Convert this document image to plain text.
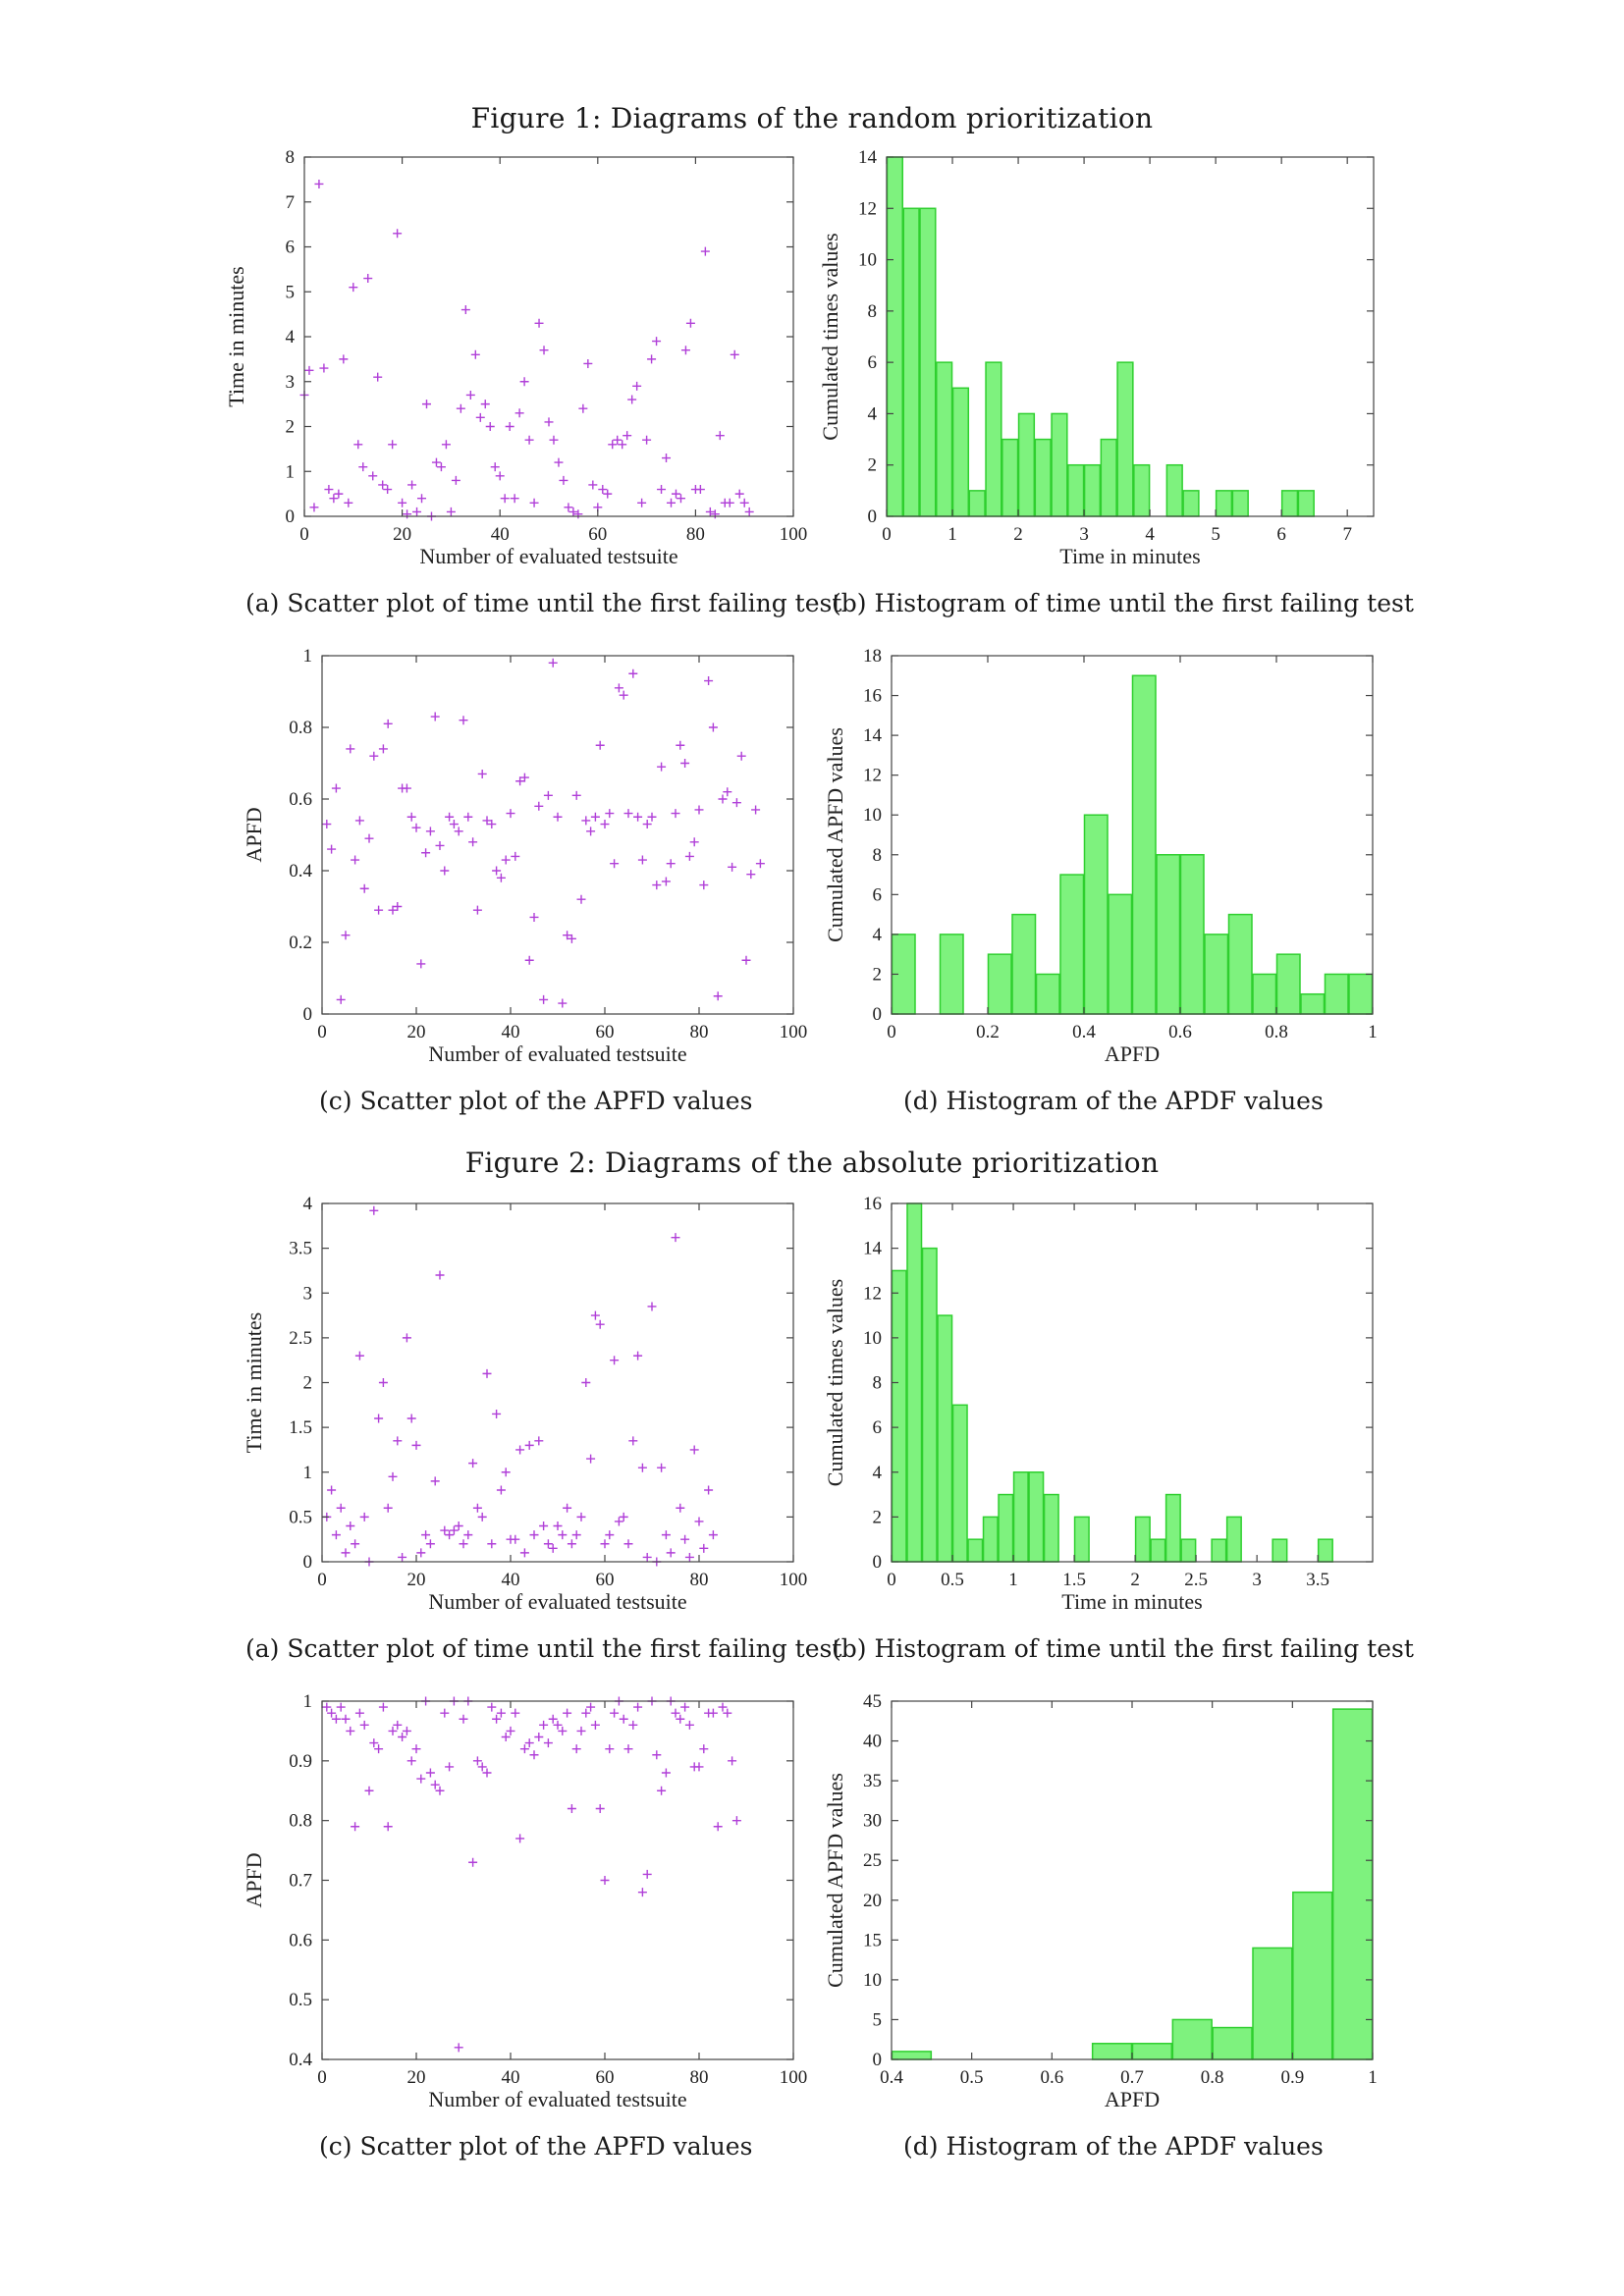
Figure 1: Diagrams of the random prioritization
0	20	40	60	80	100
0
1
2
3
4
5
6
7
8
Number of evaluated testsuite
Time in minutes
0	1	2	3	4	5	6	7
0
2
4
6
8
10
12
14
Time in minutes
Cumulated times values
(a) Scatter plot of time until the first failing test
(b) Histogram of time until the first failing test
0	20	40	60	80	100
0
0.2
0.4
0.6
0.8
1
Number of evaluated testsuite
APFD
0	0.2	0.4	0.6	0.8	1
0
2
4
6
8
10
12
14
16
18
APFD
Cumulated APFD values
(c) Scatter plot of the APFD values	(d) Histogram of the APDF values
Figure 2: Diagrams of the absolute prioritization
0	20	40	60	80	100
0
0.5
1
1.5
2
2.5
3
3.5
4
Number of evaluated testsuite
Time in minutes
0 0.5 1 1.5 2 2.5 3 3.5
0
2
4
6
8
10
12
14
16
Time in minutes
Cumulated times values
(a) Scatter plot of time until the first failing test
(b) Histogram of time until the first failing test
0	20	40	60	80	100
0.4
0.5
0.6
0.7
0.8
0.9
1
Number of evaluated testsuite
APFD
0.4	0.5	0.6	0.7	0.8	0.9	1
0
5
10
15
20
25
30
35
40
45
APFD
Cumulated APFD values
(c) Scatter plot of the APFD values	(d) Histogram of the APDF values
